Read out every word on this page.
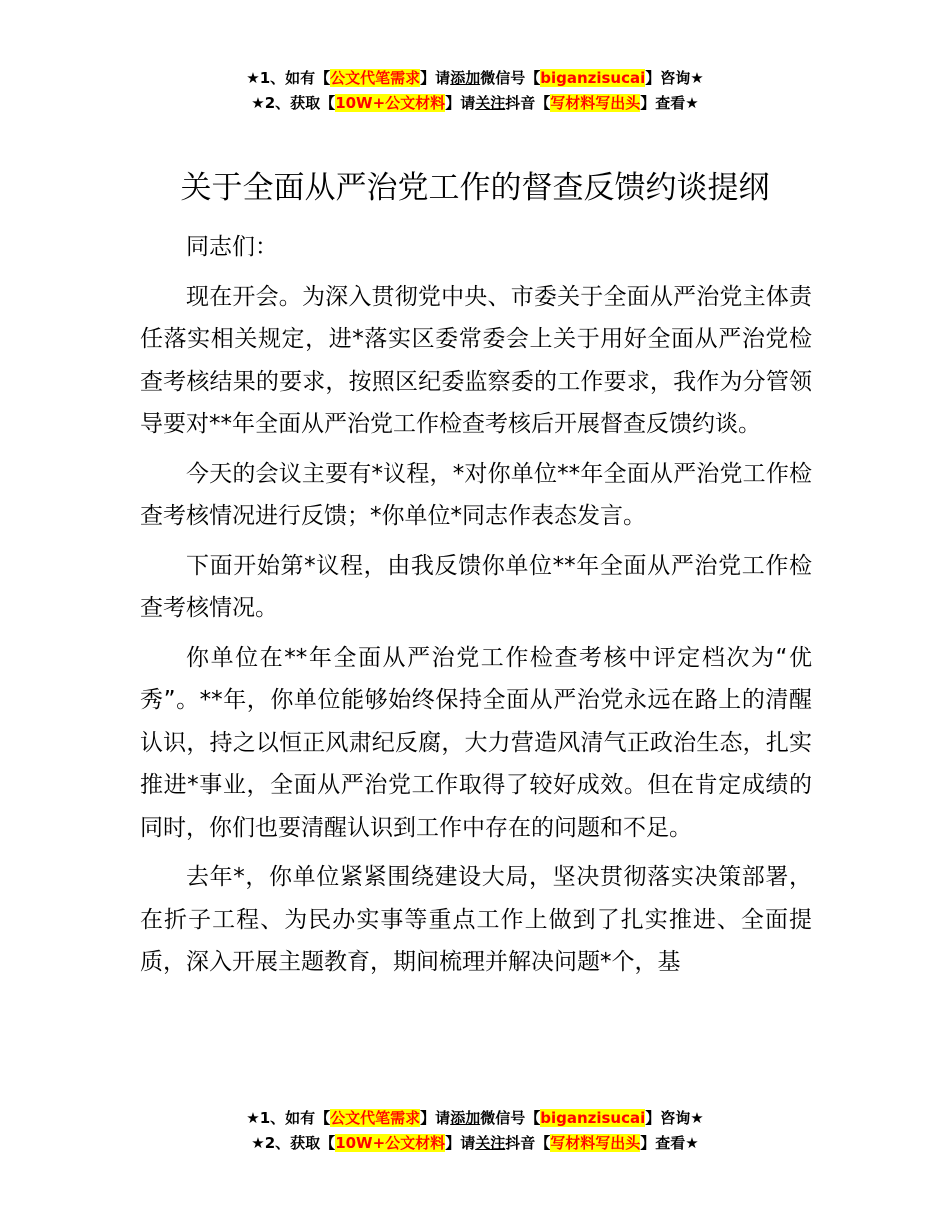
★1、如有【公文代笔需求】请添加微信号【biganzisucai】咨询★
★2、获取【10W+公文材料】请关注抖音【写材料写出头】查看★
关于全面从严治党工作的督查反馈约谈提纲

同志们：

现在开会。为深入贯彻党中央、市委关于全面从严治党主体责任落实相关规定，进*落实区委常委会上关于用好全面从严治党检查考核结果的要求，按照区纪委监察委的工作要求，我作为分管领导要对**年全面从严治党工作检查考核后开展督查反馈约谈。

今天的会议主要有*议程，*对你单位**年全面从严治党工作检查考核情况进行反馈；*你单位*同志作表态发言。

下面开始第*议程，由我反馈你单位**年全面从严治党工作检查考核情况。

你单位在**年全面从严治党工作检查考核中评定档次为“优秀”。**年，你单位能够始终保持全面从严治党永远在路上的清醒认识，持之以恒正风肃纪反腐，大力营造风清气正政治生态，扎实推进*事业，全面从严治党工作取得了较好成效。但在肯定成绩的同时，你们也要清醒认识到工作中存在的问题和不足。

去年*，你单位紧紧围绕建设大局，坚决贯彻落实决策部署，在折子工程、为民办实事等重点工作上做到了扎实推进、全面提质，深入开展主题教育，期间梳理并解决问题*个，基

★1、如有【公文代笔需求】请添加微信号【biganzisucai】咨询★
★2、获取【10W+公文材料】请关注抖音【写材料写出头】查看★
